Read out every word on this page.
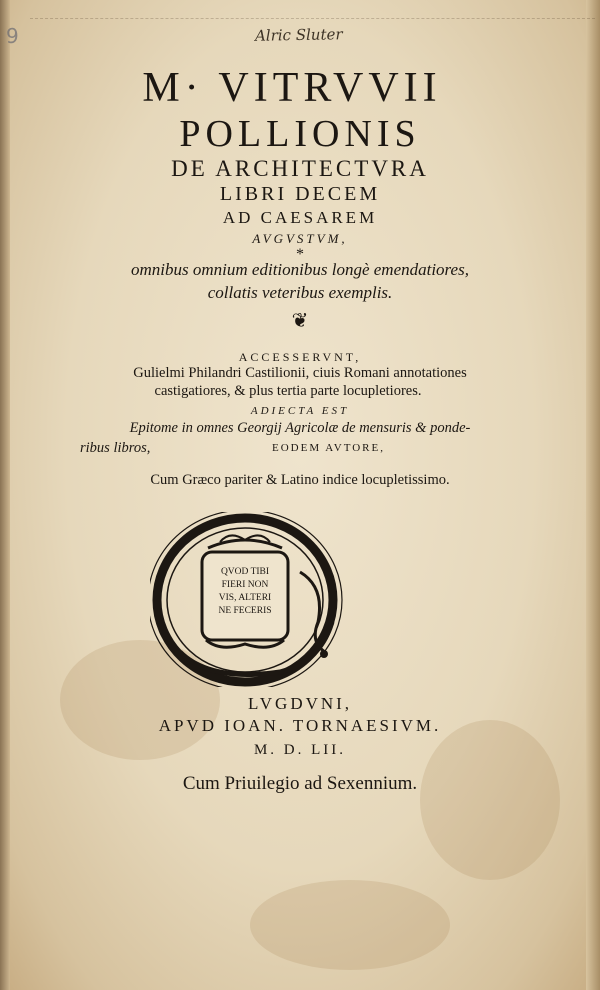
9	Alric Sluter
M· VITRVVII
POLLIONIS
DE ARCHITECTVRA
LIBRI DECEM
AD CAESAREM
AVGVSTVM,
*
omnibus omnium editionibus longè emendatiores,
collatis veteribus exemplis.
❦
ACCESSERVNT,
Gulielmi Philandri Castilionii, ciuis Romani annotationes
castigatiores, & plus tertia parte locupletiores.
ADIECTA EST
Epitome in omnes Georgij Agricolæ de mensuris & ponde-
ribus libros,	EODEM AVTORE,
Cum Græco pariter & Latino indice locupletissimo.
QVOD TIBI
FIERI NON
VIS, ALTERI
NE FECERIS
LVGDVNI,
APVD IOAN. TORNAESIVM.
M. D. LII.
Cum Priuilegio ad Sexennium.
